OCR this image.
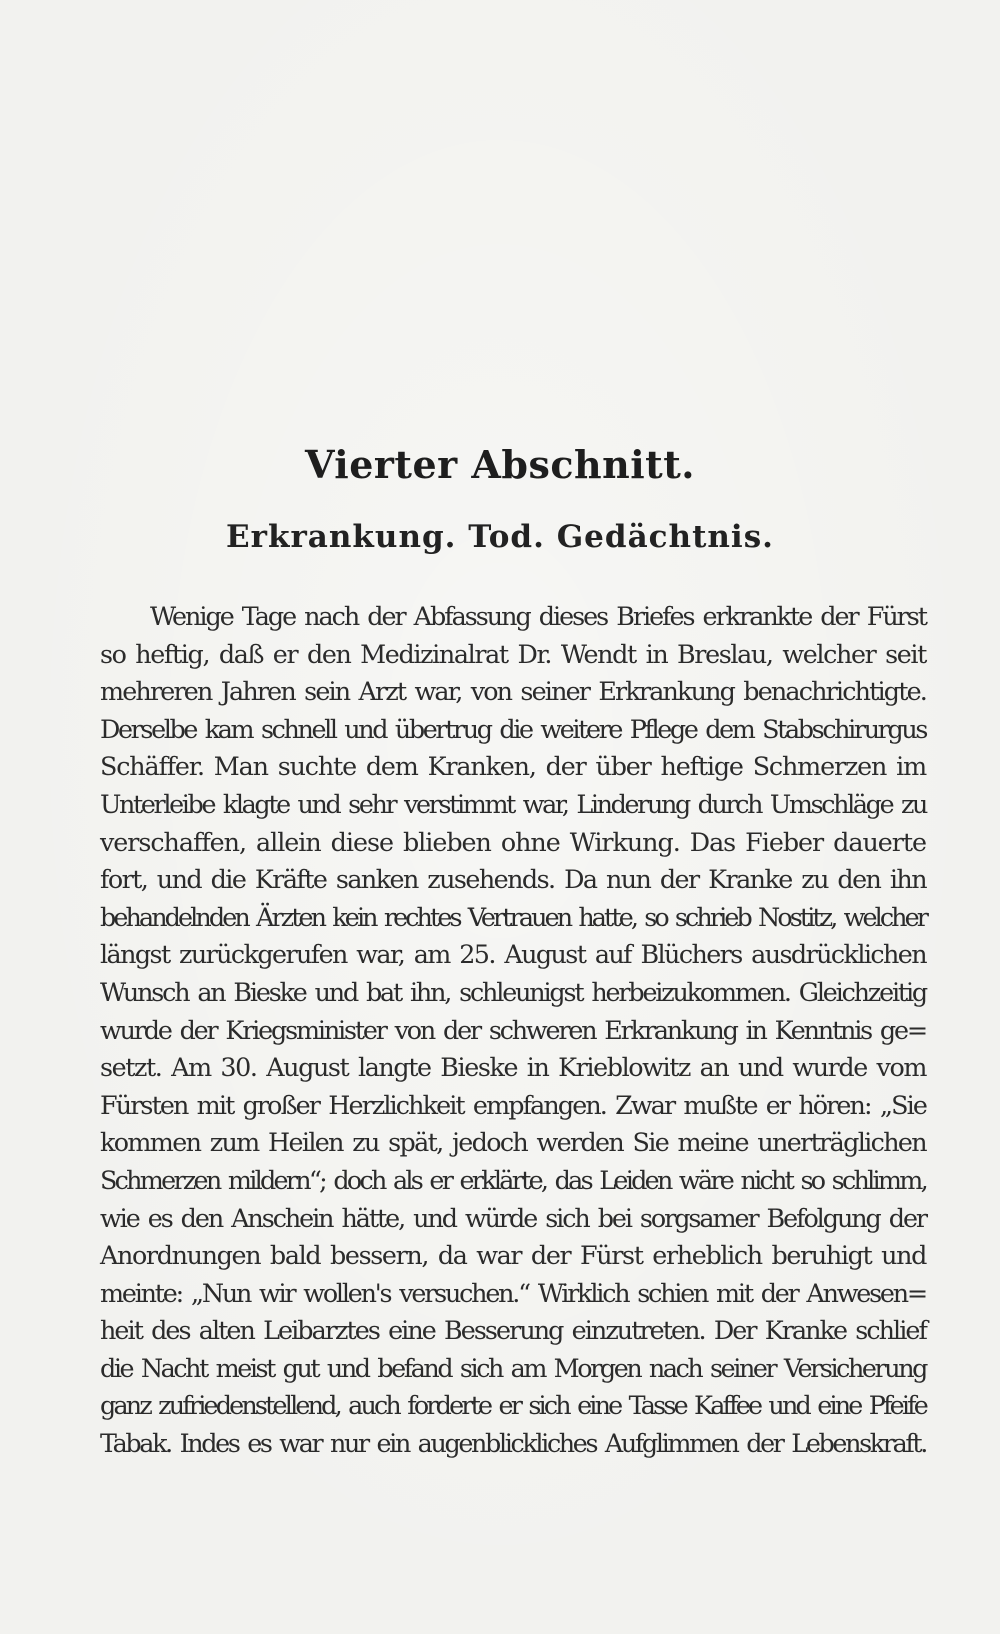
Vierter Abschnitt.
Erkrankung. Tod. Gedächtnis.
Wenige Tage nach der Abfassung dieses Briefes erkrankte der Fürst
so heftig, daß er den Medizinalrat Dr. Wendt in Breslau, welcher seit
mehreren Jahren sein Arzt war, von seiner Erkrankung benachrichtigte.
Derselbe kam schnell und übertrug die weitere Pflege dem Stabschirurgus
Schäffer. Man suchte dem Kranken, der über heftige Schmerzen im
Unterleibe klagte und sehr verstimmt war, Linderung durch Umschläge zu
verschaffen, allein diese blieben ohne Wirkung. Das Fieber dauerte
fort, und die Kräfte sanken zusehends. Da nun der Kranke zu den ihn
behandelnden Ärzten kein rechtes Vertrauen hatte, so schrieb Nostitz, welcher
längst zurückgerufen war, am 25. August auf Blüchers ausdrücklichen
Wunsch an Bieske und bat ihn, schleunigst herbeizukommen. Gleichzeitig
wurde der Kriegsminister von der schweren Erkrankung in Kenntnis ge=
setzt. Am 30. August langte Bieske in Krieblowitz an und wurde vom
Fürsten mit großer Herzlichkeit empfangen. Zwar mußte er hören: „Sie
kommen zum Heilen zu spät, jedoch werden Sie meine unerträglichen
Schmerzen mildern“; doch als er erklärte, das Leiden wäre nicht so schlimm,
wie es den Anschein hätte, und würde sich bei sorgsamer Befolgung der
Anordnungen bald bessern, da war der Fürst erheblich beruhigt und
meinte: „Nun wir wollen's versuchen.“ Wirklich schien mit der Anwesen=
heit des alten Leibarztes eine Besserung einzutreten. Der Kranke schlief
die Nacht meist gut und befand sich am Morgen nach seiner Versicherung
ganz zufriedenstellend, auch forderte er sich eine Tasse Kaffee und eine Pfeife
Tabak. Indes es war nur ein augenblickliches Aufglimmen der Lebenskraft.
